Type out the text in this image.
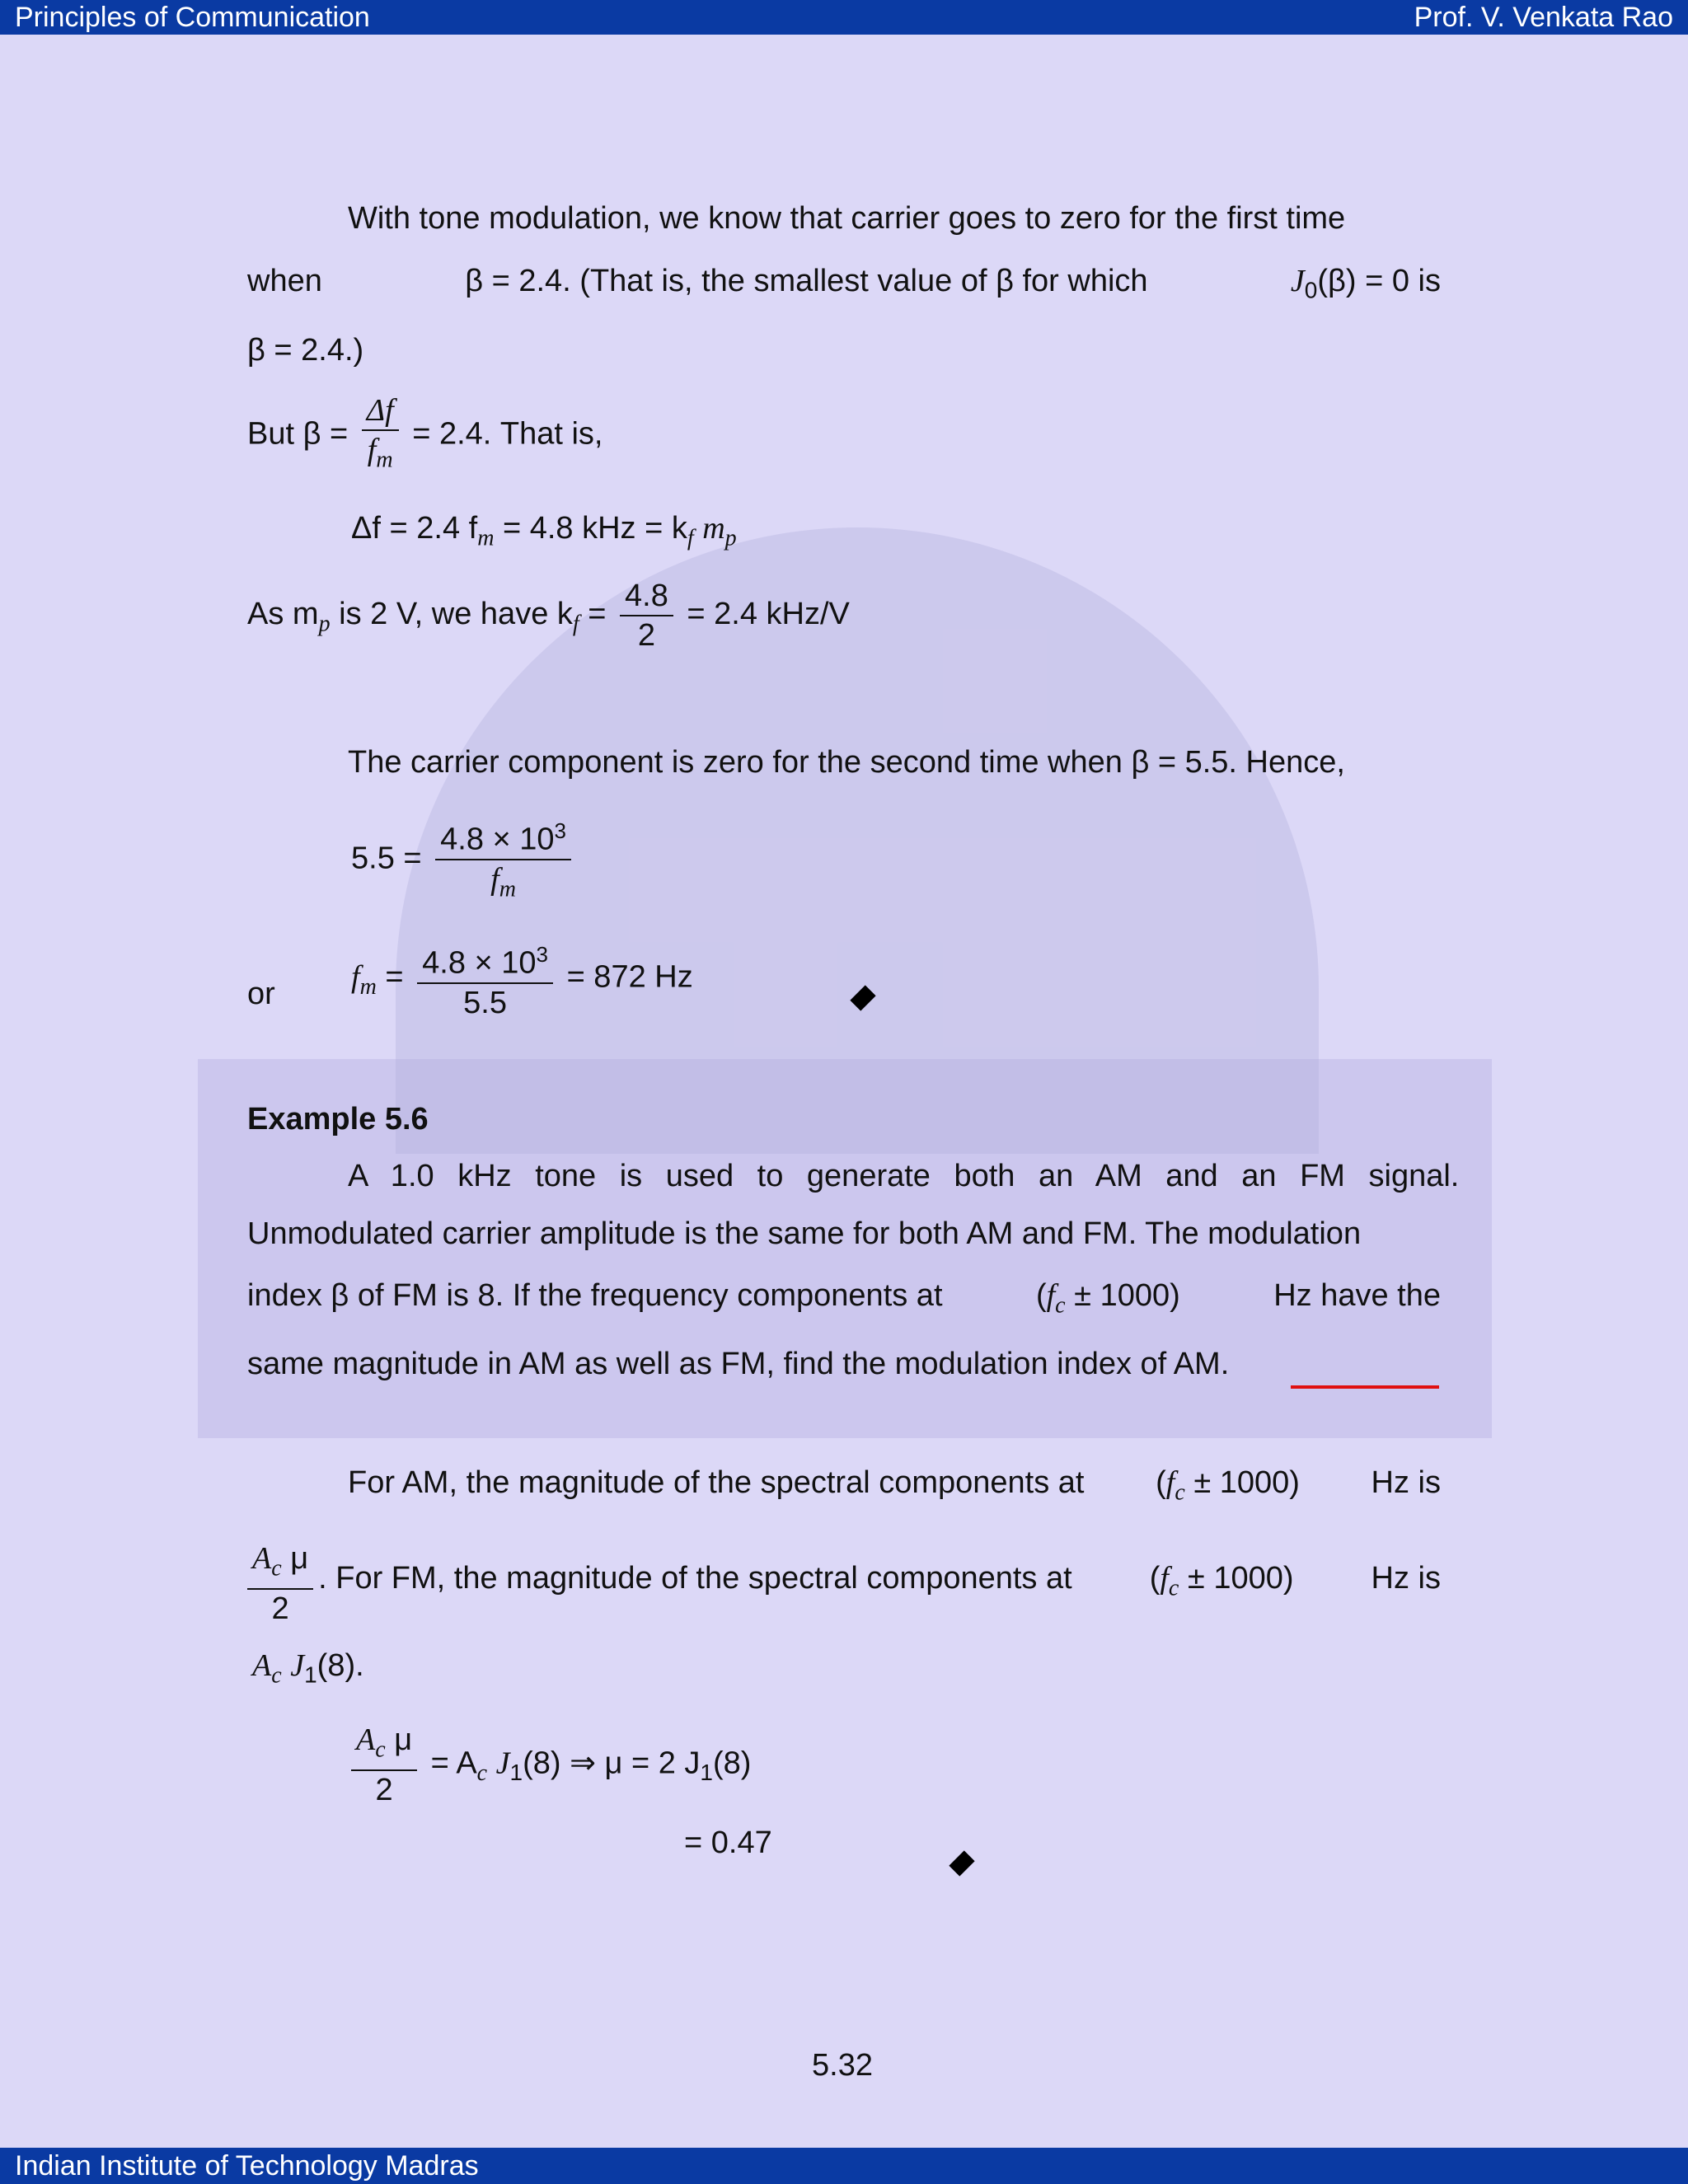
Principles of Communication	Prof. V. Venkata Rao
Indian Institute of Technology Madras
With tone modulation, we know that carrier goes to zero for the first time
when	β = 2.4. (That is, the smallest value of β for which	$J_0(\beta) = 0$ is
β = 2.4.)
But $\beta = \frac{\Delta f}{f_m} = 2.4$. That is,
Δf = 2.4 $f_m = 4.8$ kHz = $k_f$ $m_p$
As $m_p$ is 2 V, we have $k_f = \frac{4.8}{2} = 2.4$ kHz/V
The carrier component is zero for the second time when β = 5.5. Hence,
$5.5 = \frac{4.8 \times 10^3}{f_m}$
or $f_m = \frac{4.8 \times 10^3}{5.5} = 872$ Hz
Example 5.6
A 1.0 kHz tone is used to generate both an AM and an FM signal.
Unmodulated carrier amplitude is the same for both AM and FM. The modulation
index β of FM is 8. If the frequency components at	$(f_c \pm 1000)$	Hz have the
same magnitude in AM as well as FM, find the modulation index of AM.
For AM, the magnitude of the spectral components at $(f_c \pm 1000)$ Hz is
$\frac{A_c \mu}{2}$ . For FM, the magnitude of the spectral components at $(f_c \pm 1000)$ Hz is
$A_c$ $J_1(8)$.
$\frac{A_c \mu}{2} = A_c$ $J_1(8)$ ⇒ μ = 2 $J_1(8)$
= 0.47
5.32
